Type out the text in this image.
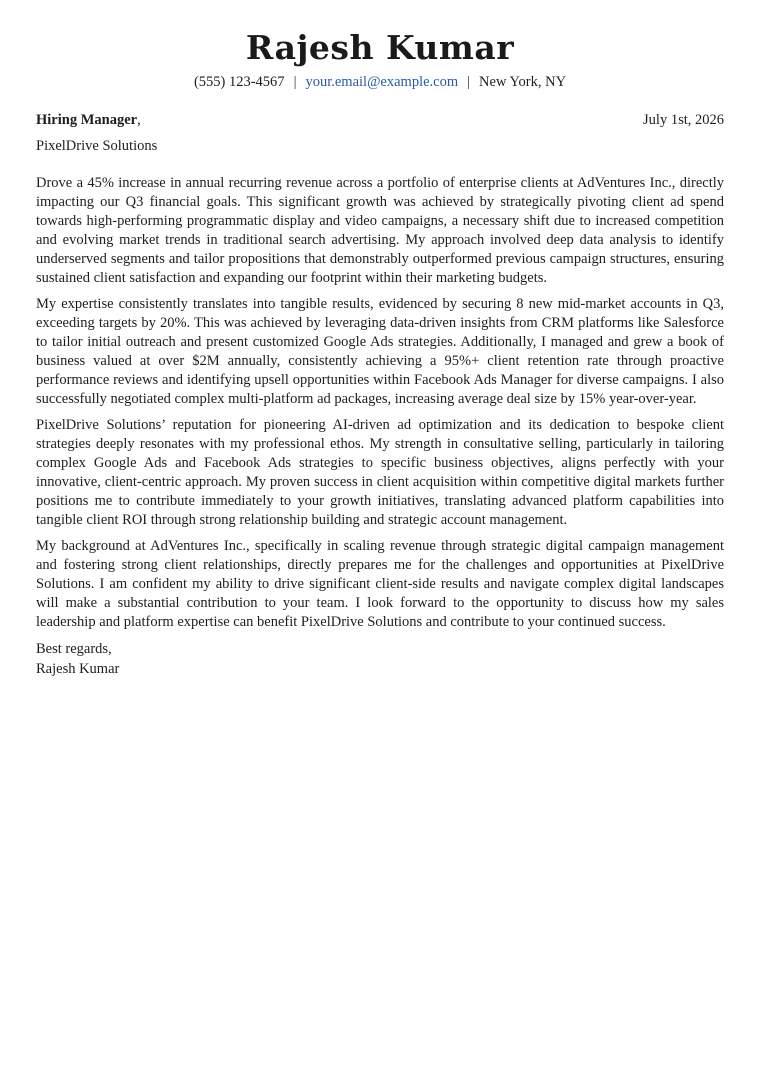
Rajesh Kumar
(555) 123-4567 | your.email@example.com | New York, NY
Hiring Manager,	July 1st, 2026
PixelDrive Solutions

Drove a 45% increase in annual recurring revenue across a portfolio of enterprise clients at AdVentures Inc., directly impacting our Q3 financial goals. This significant growth was achieved by strategically pivoting client ad spend towards high-performing programmatic display and video campaigns, a necessary shift due to increased competition and evolving market trends in traditional search advertising. My approach involved deep data analysis to identify underserved segments and tailor propositions that demonstrably outperformed previous campaign structures, ensuring sustained client satisfaction and expanding our footprint within their marketing budgets.

My expertise consistently translates into tangible results, evidenced by securing 8 new mid-market accounts in Q3, exceeding targets by 20%. This was achieved by leveraging data-driven insights from CRM platforms like Salesforce to tailor initial outreach and present customized Google Ads strategies. Additionally, I managed and grew a book of business valued at over $2M annually, consistently achieving a 95%+ client retention rate through proactive performance reviews and identifying upsell opportunities within Facebook Ads Manager for diverse campaigns. I also successfully negotiated complex multi-platform ad packages, increasing average deal size by 15% year-over-year.

PixelDrive Solutions’ reputation for pioneering AI-driven ad optimization and its dedication to bespoke client strategies deeply resonates with my professional ethos. My strength in consultative selling, particularly in tailoring complex Google Ads and Facebook Ads strategies to specific business objectives, aligns perfectly with your innovative, client-centric approach. My proven success in client acquisition within competitive digital markets further positions me to contribute immediately to your growth initiatives, translating advanced platform capabilities into tangible client ROI through strong relationship building and strategic account management.

My background at AdVentures Inc., specifically in scaling revenue through strategic digital campaign management and fostering strong client relationships, directly prepares me for the challenges and opportunities at PixelDrive Solutions. I am confident my ability to drive significant client-side results and navigate complex digital landscapes will make a substantial contribution to your team. I look forward to the opportunity to discuss how my sales leadership and platform expertise can benefit PixelDrive Solutions and contribute to your continued success.

Best regards,
Rajesh Kumar
